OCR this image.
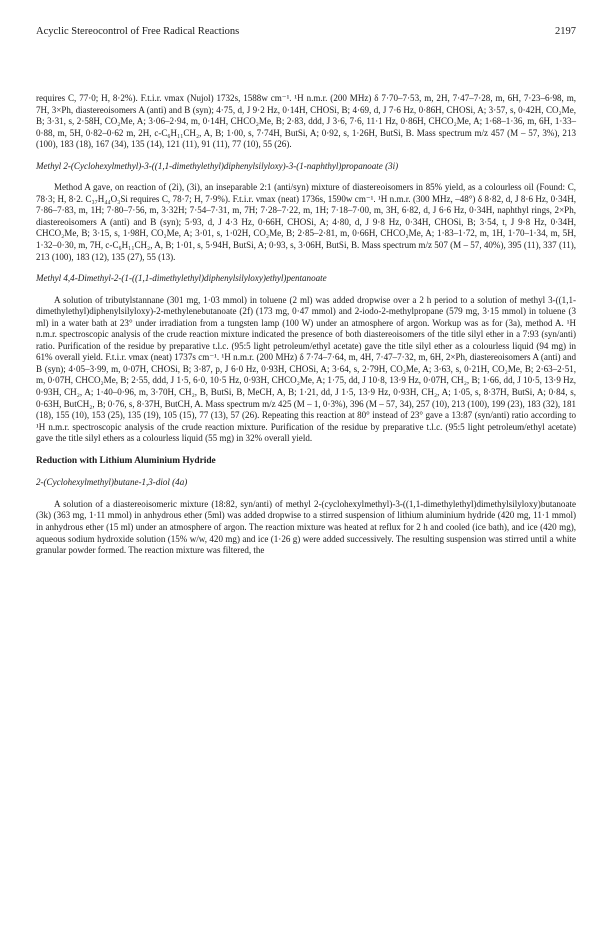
Acyclic Stereocontrol of Free Radical Reactions	2197

requires C, 77·0; H, 8·2%). F.t.i.r. νmax (Nujol) 1732s, 1588w cm⁻¹. ¹H n.m.r. (200 MHz) δ 7·70–7·53, m, 2H, 7·47–7·28, m, 6H, 7·23–6·98, m, 7H, 3×Ph, diastereoisomers A (anti) and B (syn); 4·75, d, J 9·2 Hz, 0·14H, CHOSi, B; 4·69, d, J 7·6 Hz, 0·86H, CHOSi, A; 3·57, s, 0·42H, CO₂Me, B; 3·31, s, 2·58H, CO₂Me, A; 3·06–2·94, m, 0·14H, CHCO₂Me, B; 2·83, ddd, J 3·6, 7·6, 11·1 Hz, 0·86H, CHCO₂Me, A; 1·68–1·36, m, 6H, 1·33–0·88, m, 5H, 0·82–0·62 m, 2H, c-C₆H₁₁CH₂, A, B; 1·00, s, 7·74H, ButSi, A; 0·92, s, 1·26H, ButSi, B. Mass spectrum m/z 457 (M – 57, 3%), 213 (100), 183 (18), 167 (34), 135 (14), 121 (11), 91 (11), 77 (10), 55 (26).

Methyl 2-(Cyclohexylmethyl)-3-((1,1-dimethylethyl)diphenylsilyloxy)-3-(1-naphthyl)propanoate (3i)

Method A gave, on reaction of (2i), (3i), an inseparable 2:1 (anti/syn) mixture of diastereoisomers in 85% yield, as a colourless oil (Found: C, 78·3; H, 8·2. C₃₇H₄₄O₃Si requires C, 78·7; H, 7·9%). F.t.i.r. νmax (neat) 1736s, 1590w cm⁻¹. ¹H n.m.r. (300 MHz, –48°) δ 8·82, d, J 8·6 Hz, 0·34H, 7·86–7·83, m, 1H; 7·80–7·56, m, 3·32H; 7·54–7·31, m, 7H; 7·28–7·22, m, 1H; 7·18–7·00, m, 3H, 6·82, d, J 6·6 Hz, 0·34H, naphthyl rings, 2×Ph, diastereoisomers A (anti) and B (syn); 5·93, d, J 4·3 Hz, 0·66H, CHOSi, A; 4·80, d, J 9·8 Hz, 0·34H, CHOSi, B; 3·54, t, J 9·8 Hz, 0·34H, CHCO₂Me, B; 3·15, s, 1·98H, CO₂Me, A; 3·01, s, 1·02H, CO₂Me, B; 2·85–2·81, m, 0·66H, CHCO₂Me, A; 1·83–1·72, m, 1H, 1·70–1·34, m, 5H, 1·32–0·30, m, 7H, c-C₆H₁₁CH₂, A, B; 1·01, s, 5·94H, ButSi, A; 0·93, s, 3·06H, ButSi, B. Mass spectrum m/z 507 (M – 57, 40%), 395 (11), 337 (11), 213 (100), 183 (12), 135 (27), 55 (13).

Methyl 4,4-Dimethyl-2-(1-((1,1-dimethylethyl)diphenylsilyloxy)ethyl)pentanoate

A solution of tributylstannane (301 mg, 1·03 mmol) in toluene (2 ml) was added dropwise over a 2 h period to a solution of methyl 3-((1,1-dimethylethyl)diphenylsilyloxy)-2-methylenebutanoate (2f) (173 mg, 0·47 mmol) and 2-iodo-2-methylpropane (579 mg, 3·15 mmol) in toluene (3 ml) in a water bath at 23° under irradiation from a tungsten lamp (100 W) under an atmosphere of argon. Workup was as for (3a), method A. ¹H n.m.r. spectroscopic analysis of the crude reaction mixture indicated the presence of both diastereoisomers of the title silyl ether in a 7:93 (syn/anti) ratio. Purification of the residue by preparative t.l.c. (95:5 light petroleum/ethyl acetate) gave the title silyl ether as a colourless liquid (94 mg) in 61% overall yield. F.t.i.r. νmax (neat) 1737s cm⁻¹. ¹H n.m.r. (200 MHz) δ 7·74–7·64, m, 4H, 7·47–7·32, m, 6H, 2×Ph, diastereoisomers A (anti) and B (syn); 4·05–3·99, m, 0·07H, CHOSi, B; 3·87, p, J 6·0 Hz, 0·93H, CHOSi, A; 3·64, s, 2·79H, CO₂Me, A; 3·63, s, 0·21H, CO₂Me, B; 2·63–2·51, m, 0·07H, CHCO₂Me, B; 2·55, ddd, J 1·5, 6·0, 10·5 Hz, 0·93H, CHCO₂Me, A; 1·75, dd, J 10·8, 13·9 Hz, 0·07H, CH₂, B; 1·66, dd, J 10·5, 13·9 Hz, 0·93H, CH₂, A; 1·40–0·96, m, 3·70H, CH₂, B, ButSi, B, MeCH, A, B; 1·21, dd, J 1·5, 13·9 Hz, 0·93H, CH₂, A; 1·05, s, 8·37H, ButSi, A; 0·84, s, 0·63H, ButCH₂, B; 0·76, s, 8·37H, ButCH, A. Mass spectrum m/z 425 (M – 1, 0·3%), 396 (M – 57, 34), 257 (10), 213 (100), 199 (23), 183 (32), 181 (18), 155 (10), 153 (25), 135 (19), 105 (15), 77 (13), 57 (26). Repeating this reaction at 80° instead of 23° gave a 13:87 (syn/anti) ratio according to ¹H n.m.r. spectroscopic analysis of the crude reaction mixture. Purification of the residue by preparative t.l.c. (95:5 light petroleum/ethyl acetate) gave the title silyl ethers as a colourless liquid (55 mg) in 32% overall yield.

Reduction with Lithium Aluminium Hydride

2-(Cyclohexylmethyl)butane-1,3-diol (4a)

A solution of a diastereoisomeric mixture (18:82, syn/anti) of methyl 2-(cyclohexylmethyl)-3-((1,1-dimethylethyl)dimethylsilyloxy)butanoate (3k) (363 mg, 1·11 mmol) in anhydrous ether (5ml) was added dropwise to a stirred suspension of lithium aluminium hydride (420 mg, 11·1 mmol) in anhydrous ether (15 ml) under an atmosphere of argon. The reaction mixture was heated at reflux for 2 h and cooled (ice bath), and ice (420 mg), aqueous sodium hydroxide solution (15% w/w, 420 mg) and ice (1·26 g) were added successively. The resulting suspension was stirred until a white granular powder formed. The reaction mixture was filtered, the
